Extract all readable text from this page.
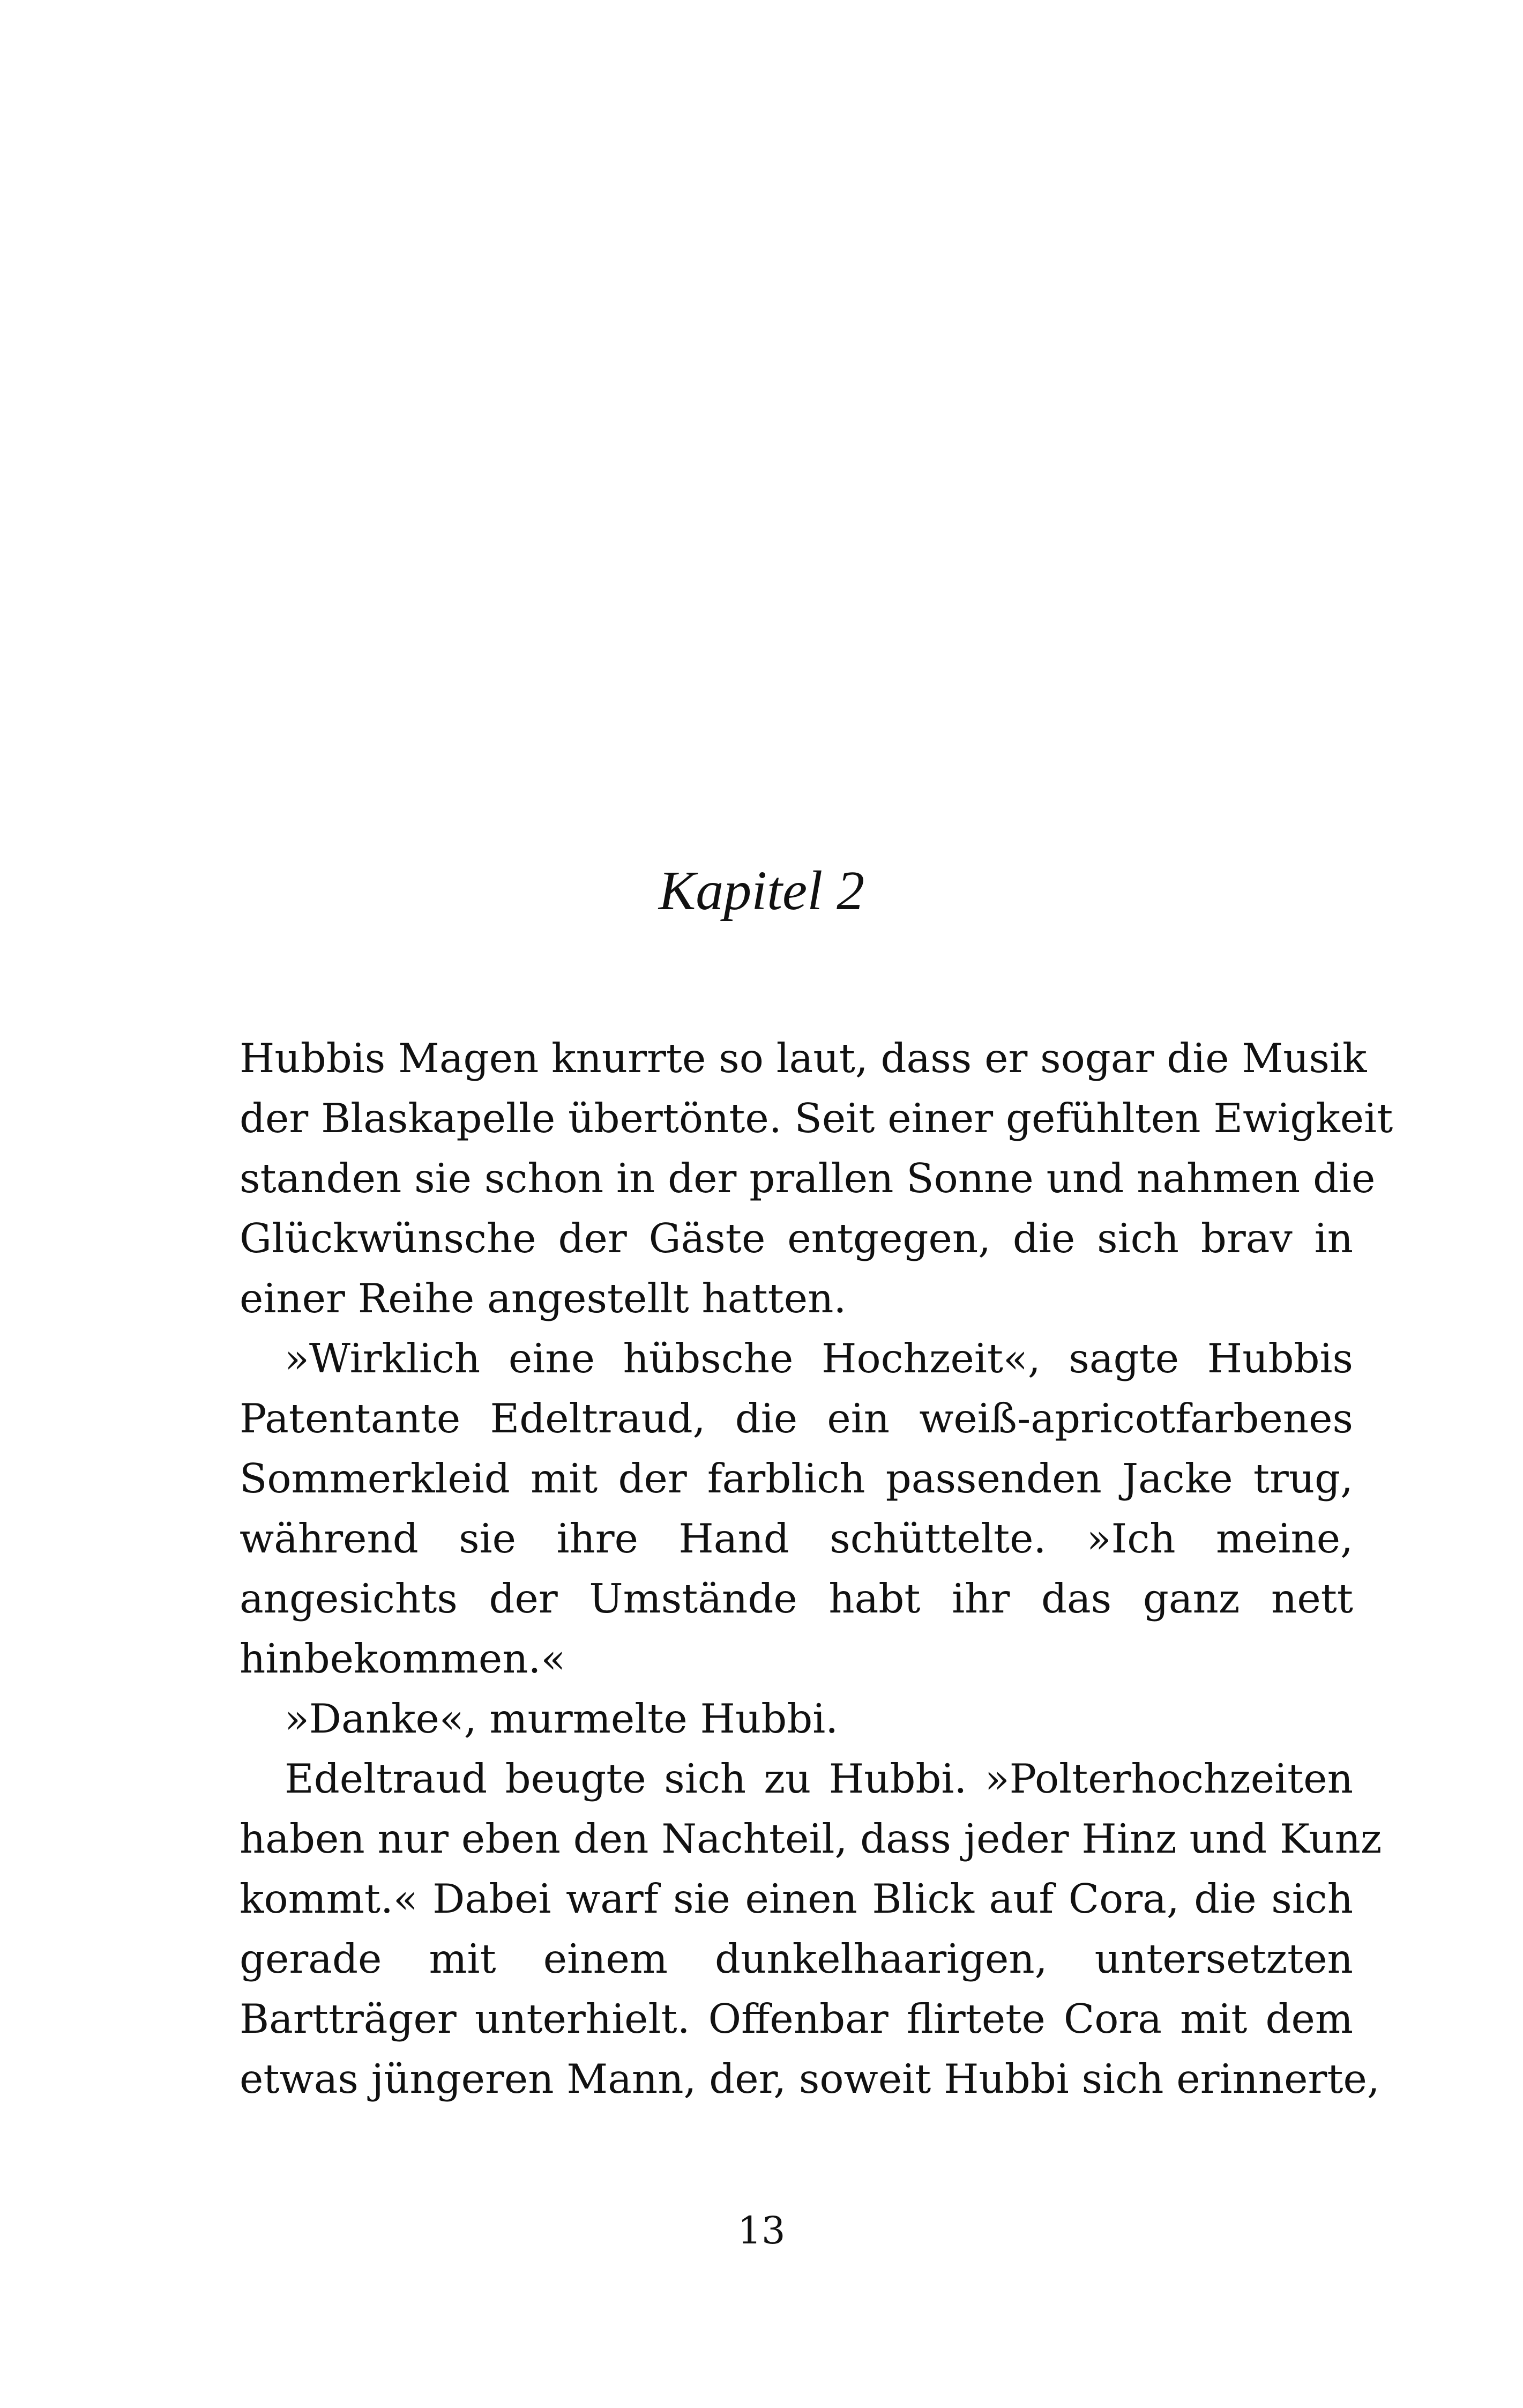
Kapitel 2

Hubbis Magen knurrte so laut, dass er sogar die Musik
der Blaskapelle übertönte. Seit einer gefühlten Ewigkeit
standen sie schon in der prallen Sonne und nahmen die
Glückwünsche der Gäste entgegen, die sich brav in
einer Reihe angestellt hatten.

»Wirklich eine hübsche Hochzeit«, sagte Hubbis
Patentante Edeltraud, die ein weiß-apricotfarbenes
Sommerkleid mit der farblich passenden Jacke trug,
während sie ihre Hand schüttelte. »Ich meine,
angesichts der Umstände habt ihr das ganz nett
hinbekommen.«

»Danke«, murmelte Hubbi.

Edeltraud beugte sich zu Hubbi. »Polterhochzeiten
haben nur eben den Nachteil, dass jeder Hinz und Kunz
kommt.« Dabei warf sie einen Blick auf Cora, die sich
gerade mit einem dunkelhaarigen, untersetzten
Bartträger unterhielt. Offenbar flirtete Cora mit dem
etwas jüngeren Mann, der, soweit Hubbi sich erinnerte,

13
